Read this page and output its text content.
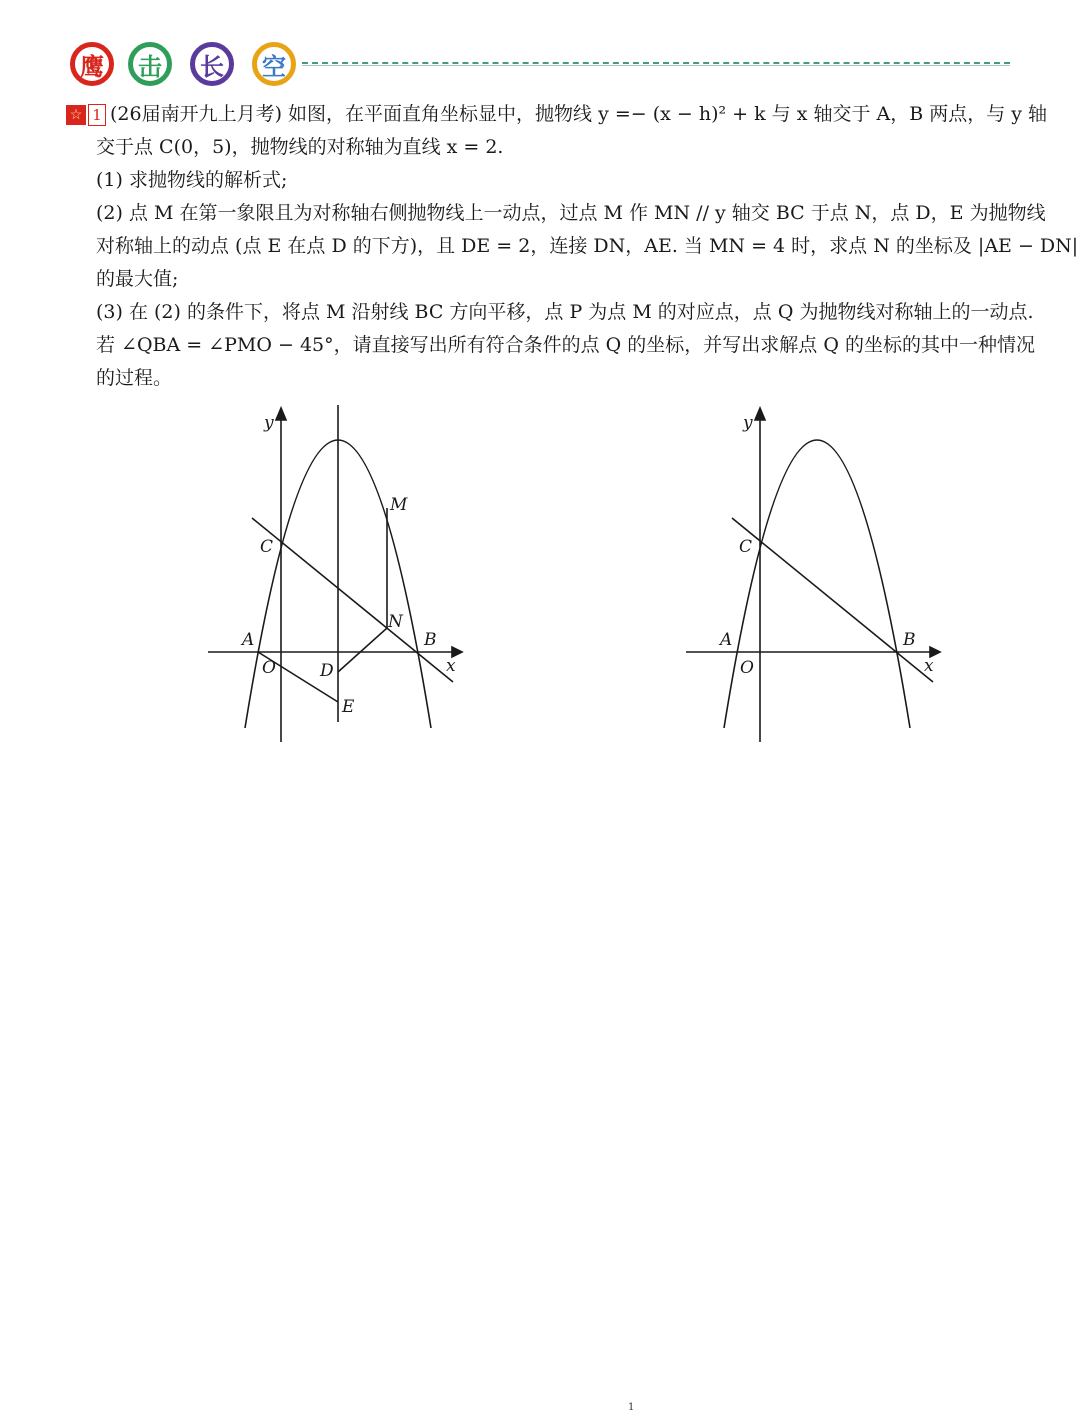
鹰	击	长	空
☆ 1 (26届南开九上月考) 如图，在平面直角坐标显中，抛物线 y =− (x − h)² + k 与 x 轴交于 A，B 两点，与 y 轴
交于点 C(0，5)，抛物线的对称轴为直线 x = 2.
(1) 求抛物线的解析式;
(2) 点 M 在第一象限且为对称轴右侧抛物线上一动点，过点 M 作 MN // y 轴交 BC 于点 N，点 D，E 为抛物线
对称轴上的动点 (点 E 在点 D 的下方)，且 DE = 2，连接 DN，AE. 当 MN = 4 时，求点 N 的坐标及 |AE − DN|
的最大值;
(3) 在 (2) 的条件下，将点 M 沿射线 BC 方向平移，点 P 为点 M 的对应点，点 Q 为抛物线对称轴上的一动点.
若 ∠QBA = ∠PMO − 45°，请直接写出所有符合条件的点 Q 的坐标，并写出求解点 Q 的坐标的其中一种情况
的过程。
y
x
C
A
O	D
E
N
M
B
y
x
C
A
O
B
1
